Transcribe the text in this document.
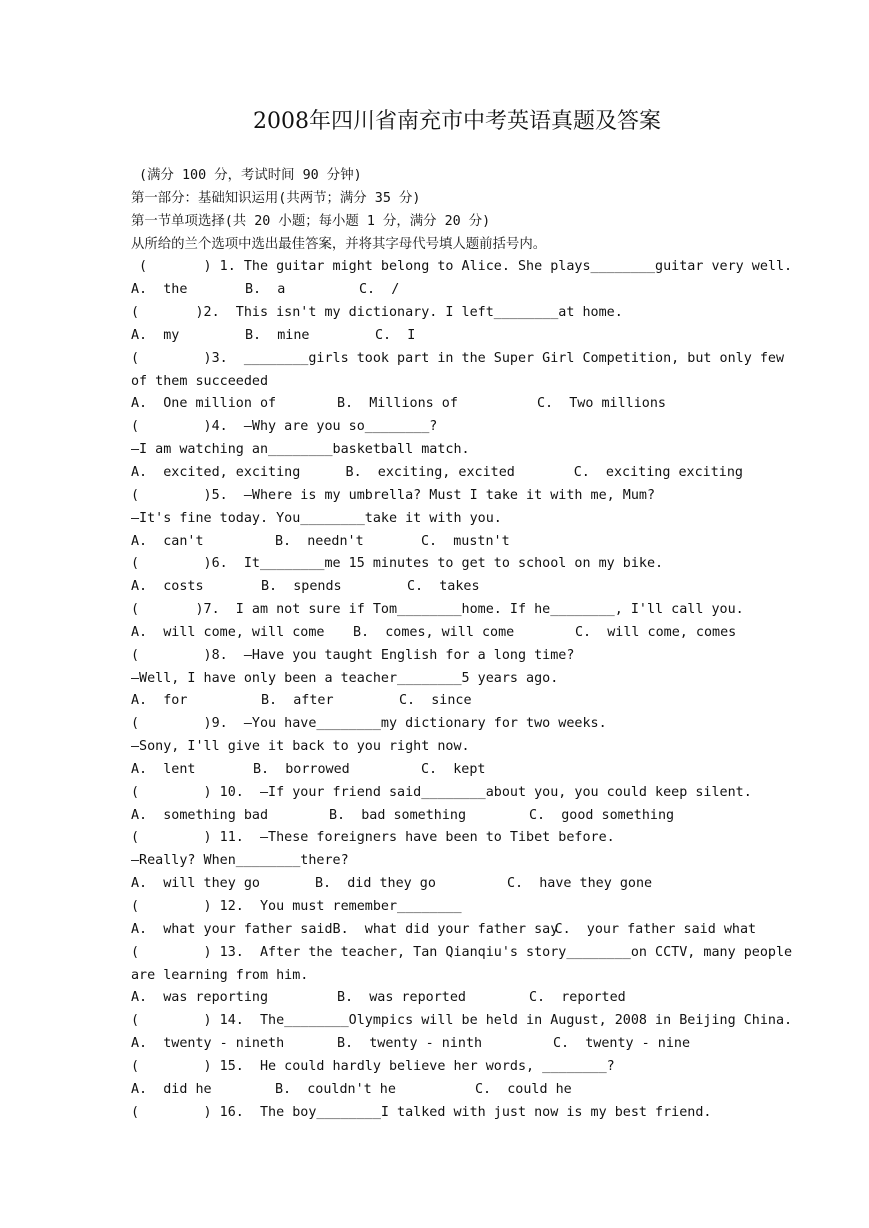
2008年四川省南充市中考英语真题及答案
(满分 100 分，考试时间 90 分钟)
第一部分：基础知识运用(共两节；满分 35 分)
第一节单项选择(共 20 小题；每小题 1 分，满分 20 分)
从所给的兰个选项中选出最佳答案，并将其字母代号填人题前括号内。
(       ) 1. The guitar might belong to Alice. She plays________guitar very well.
A.  the	B.  a	C.  /
(       )2.  This isn't my dictionary. I left________at home.
A.  my	B.  mine	C.  I
(        )3.  ________girls took part in the Super Girl Competition, but only few
of them succeeded
A.  One million of	B.  Millions of	C.  Two millions
(        )4.  —Why are you so________?
—I am watching an________basketball match.
A.  excited, exciting	B.  exciting, excited	C.  exciting exciting
(        )5.  —Where is my umbrella? Must I take it with me, Mum?
—It's fine today. You________take it with you.
A.  can't	B.  needn't	C.  mustn't
(        )6.  It________me 15 minutes to get to school on my bike.
A.  costs	B.  spends	C.  takes
(       )7.  I am not sure if Tom________home. If he________, I'll call you.
A.  will come, will come	B.  comes, will come	C.  will come, comes
(        )8.  —Have you taught English for a long time?
—Well, I have only been a teacher________5 years ago.
A.  for	B.  after	C.  since
(        )9.  —You have________my dictionary for two weeks.
—Sony, I'll give it back to you right now.
A.  lent	B.  borrowed	C.  kept
(        ) 10.  —If your friend said________about you, you could keep silent.
A.  something bad	B.  bad something	C.  good something
(        ) 11.  —These foreigners have been to Tibet before.
—Really? When________there?
A.  will they go	B.  did they go	C.  have they gone
(        ) 12.  You must remember________
A.  what your father said B.  what did your father say
C.  your father said what
(        ) 13.  After the teacher, Tan Qianqiu's story________on CCTV, many people
are learning from him.
A.  was reporting	B.  was reported	C.  reported
(        ) 14.  The________Olympics will be held in August, 2008 in Beijing China.
A.  twenty - nineth	B.  twenty - ninth	C.  twenty - nine
(        ) 15.  He could hardly believe her words, ________?
A.  did he	B.  couldn't he	C.  could he
(        ) 16.  The boy________I talked with just now is my best friend.
